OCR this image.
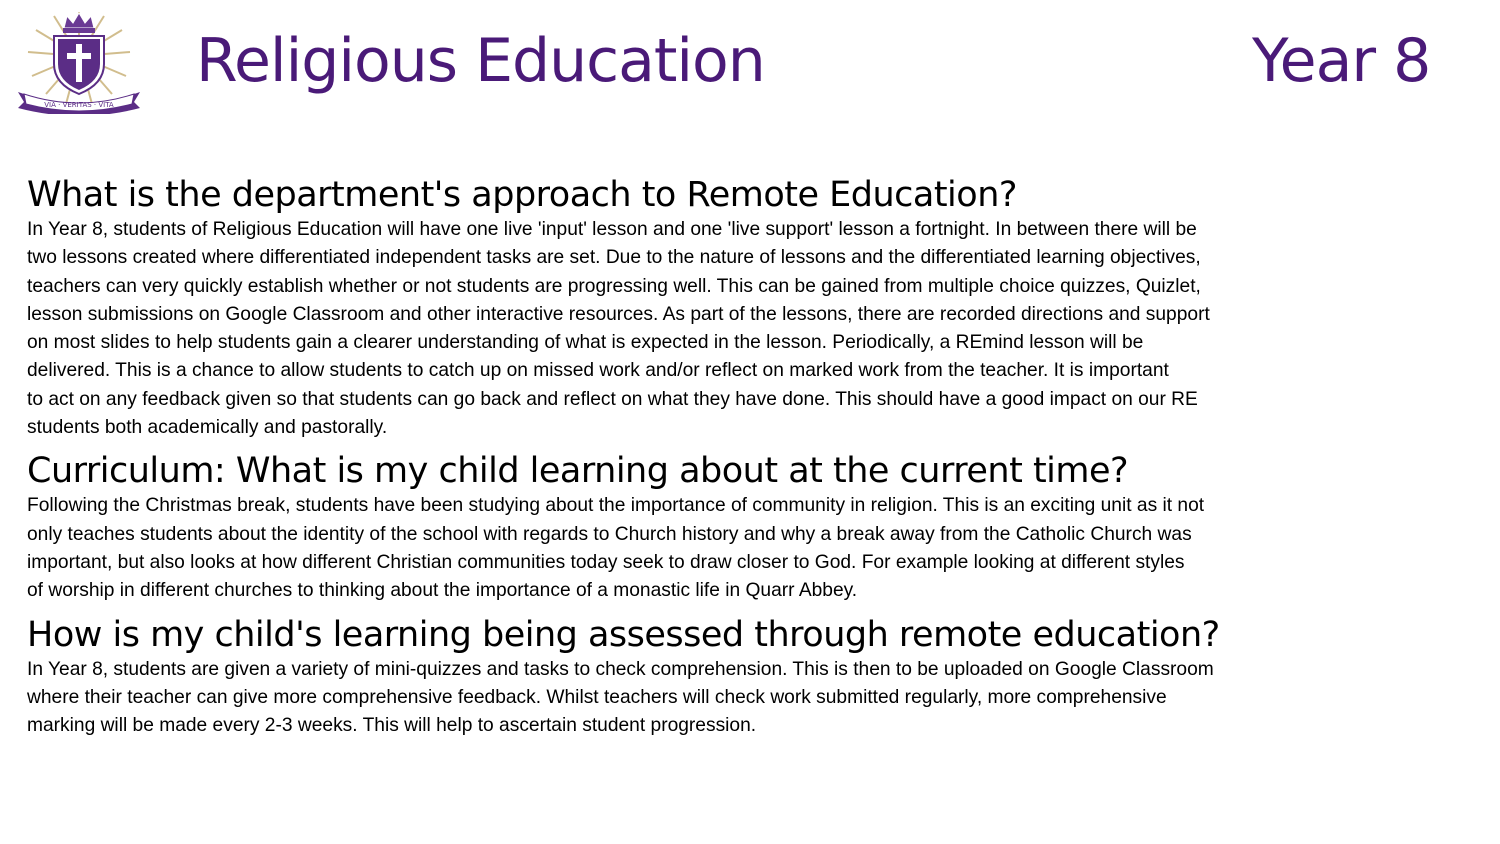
VIA · VERITAS · VITA
Religious Education	Year 8
What is the department's approach to Remote Education?

In Year 8, students of Religious Education will have one live 'input' lesson and one 'live support' lesson a fortnight. In between there will be
two lessons created where differentiated independent tasks are set. Due to the nature of lessons and the differentiated learning objectives,
teachers can very quickly establish whether or not students are progressing well. This can be gained from multiple choice quizzes, Quizlet,
lesson submissions on Google Classroom and other interactive resources. As part of the lessons, there are recorded directions and support
on most slides to help students gain a clearer understanding of what is expected in the lesson. Periodically, a REmind lesson will be
delivered. This is a chance to allow students to catch up on missed work and/or reflect on marked work from the teacher. It is important
to act on any feedback given so that students can go back and reflect on what they have done. This should have a good impact on our RE
students both academically and pastorally.

Curriculum: What is my child learning about at the current time?

Following the Christmas break, students have been studying about the importance of community in religion. This is an exciting unit as it not
only teaches students about the identity of the school with regards to Church history and why a break away from the Catholic Church was
important, but also looks at how different Christian communities today seek to draw closer to God. For example looking at different styles
of worship in different churches to thinking about the importance of a monastic life in Quarr Abbey.

How is my child's learning being assessed through remote education?

In Year 8, students are given a variety of mini-quizzes and tasks to check comprehension. This is then to be uploaded on Google Classroom
where their teacher can give more comprehensive feedback. Whilst teachers will check work submitted regularly, more comprehensive
marking will be made every 2-3 weeks. This will help to ascertain student progression.
